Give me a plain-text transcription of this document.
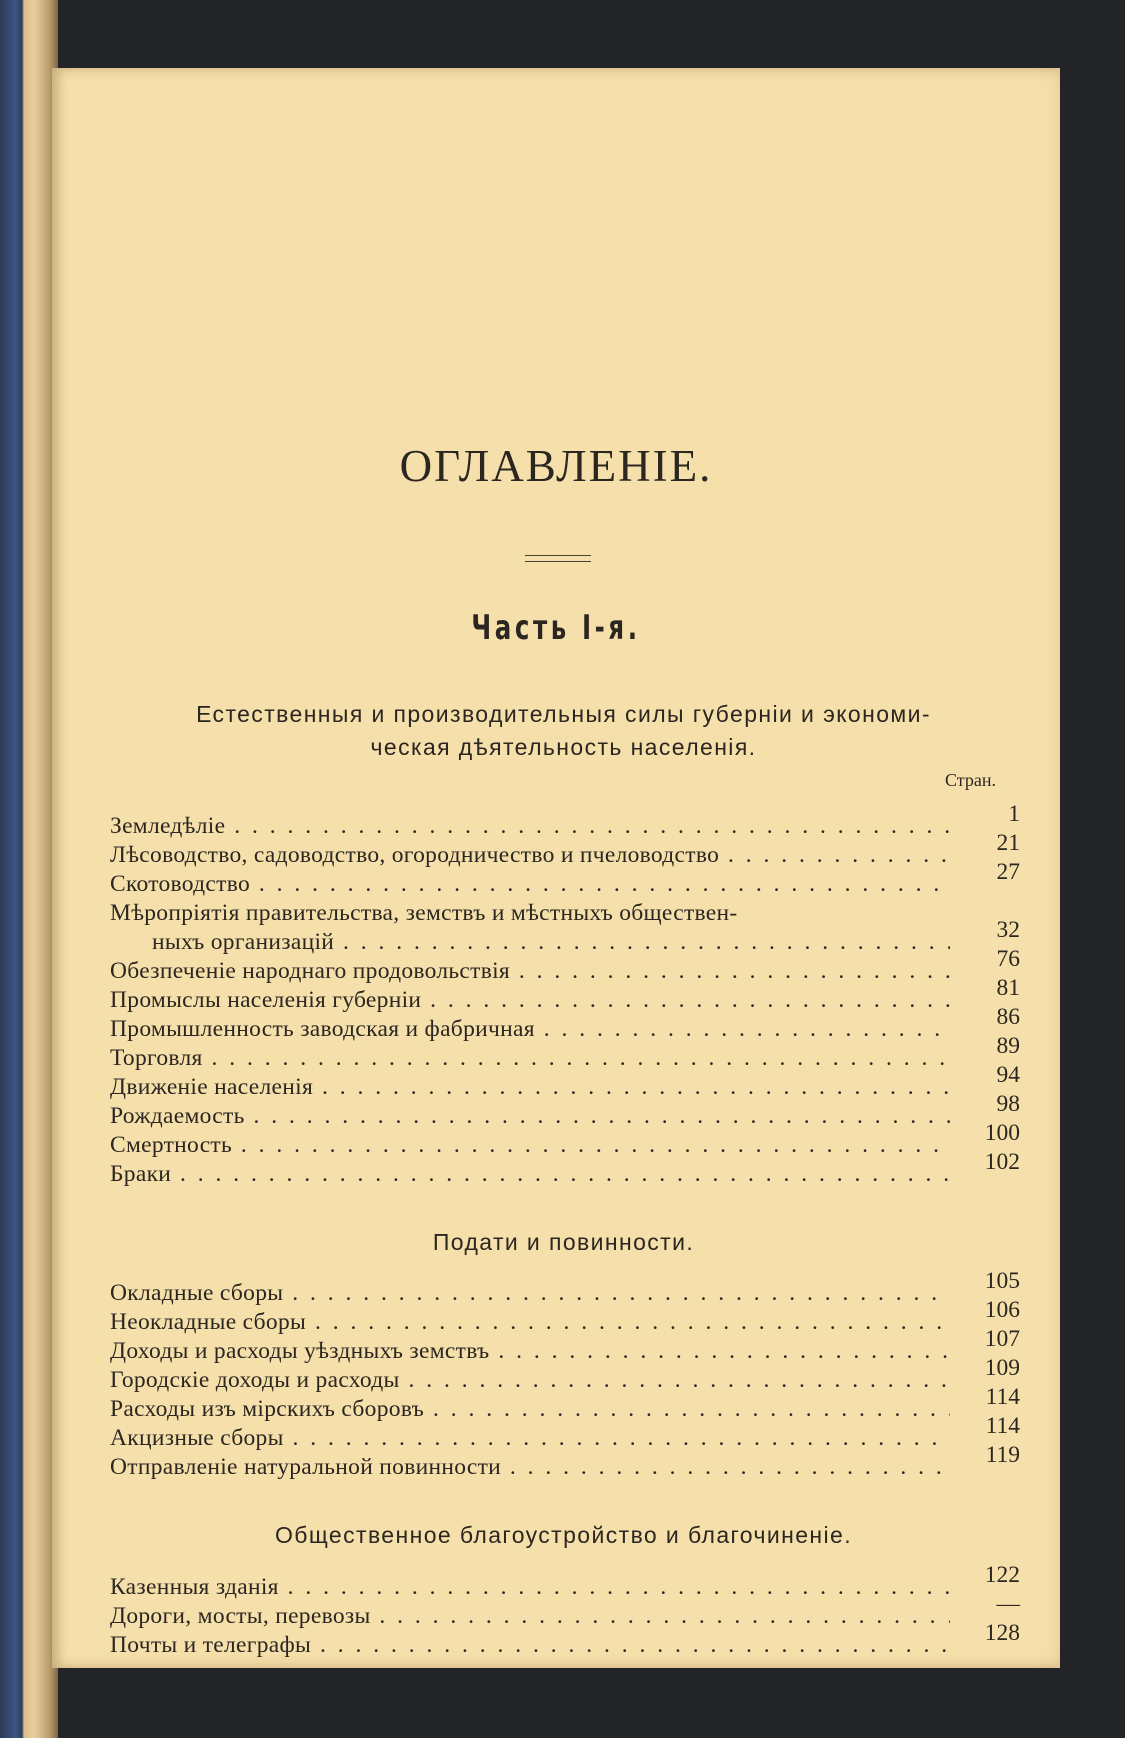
ОГЛАВЛЕНІЕ.
Часть I-я.
Естественныя и производительныя силы губерніи и экономи-
ческая дѣятельность населенія.
Стран.
Земледѣліе . . .	1
Лѣсоводство, садоводство, огородничество и пчеловодство . . .	21
Скотоводство . . .	27
Мѣропріятія правительства, земствъ и мѣстныхъ обществен-
ныхъ организацій . . .	32
Обезпеченіе народнаго продовольствія . . .	76
Промыслы населенія губерніи . . .	81
Промышленность заводская и фабричная . . .	86
Торговля . . .	89
Движеніе населенія . . .	94
Рождаемость . . .	98
Смертность . . .	100
Браки . . .	102
Подати и повинности.
Окладные сборы . . .	105
Неокладные сборы . . .	106
Доходы и расходы уѣздныхъ земствъ . . .	107
Городскіе доходы и расходы . . .	109
Расходы изъ мірскихъ сборовъ . . .	114
Акцизные сборы . . .	114
Отправленіе натуральной повинности . . .	119
Общественное благоустройство и благочиненіе.
Казенныя зданія . . .	122
Дороги, мосты, перевозы . . .	—
Почты и телеграфы . . .	128
